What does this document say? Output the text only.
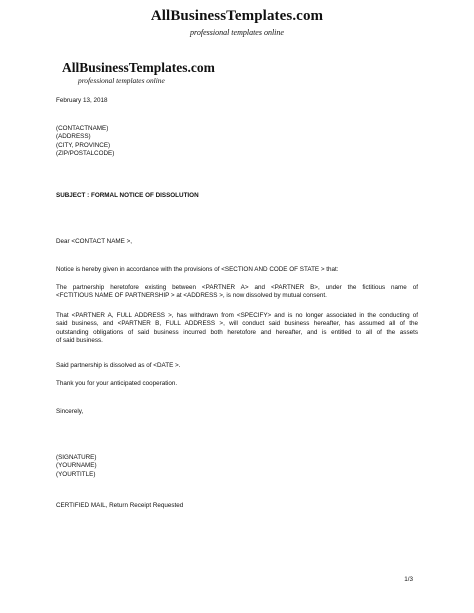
AllBusinessTemplates.com
professional templates online
AllBusinessTemplates.com
professional templates online
February 13, 2018
(CONTACTNAME)
(ADDRESS)
(CITY, PROVINCE)
(ZIP/POSTALCODE)
SUBJECT : FORMAL NOTICE OF DISSOLUTION
Dear <CONTACT NAME >,
Notice is hereby given in accordance with the provisions of <SECTION AND CODE OF STATE > that:
The partnership heretofore existing between <PARTNER A> and <PARTNER B>, under the fictitious name of
<FCTITIOUS NAME OF PARTNERSHIP > at <ADDRESS >, is now dissolved by mutual consent.
That <PARTNER A, FULL ADDRESS >, has withdrawn from <SPECIFY> and is no longer associated in the conducting of
said business, and <PARTNER B, FULL ADDRESS >, will conduct said business hereafter, has assumed all of the
outstanding obligations of said business incurred both heretofore and hereafter, and is entitled to all of the assets
of said business.
Said partnership is dissolved as of <DATE >.
Thank you for your anticipated cooperation.
Sincerely,
(SIGNATURE)
(YOURNAME)
(YOURTITLE)
CERTIFIED MAIL, Return Receipt Requested
1/3
